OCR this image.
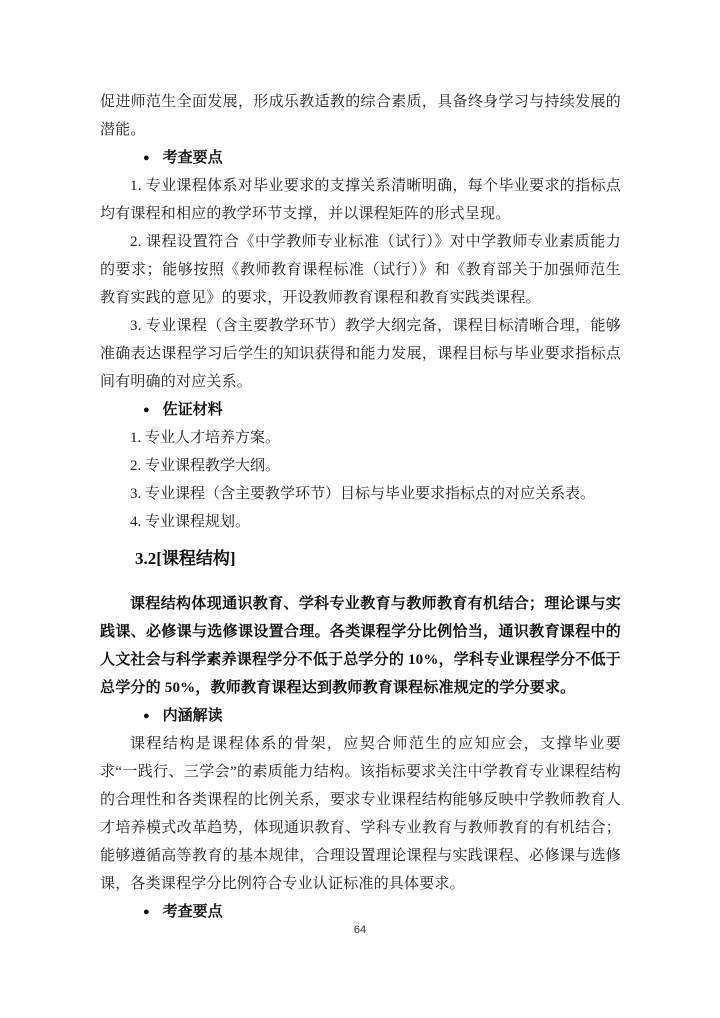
促进师范生全面发展，形成乐教适教的综合素质，具备终身学习与持续发展的潜能。

● 考查要点

1. 专业课程体系对毕业要求的支撑关系清晰明确，每个毕业要求的指标点均有课程和相应的教学环节支撑，并以课程矩阵的形式呈现。

2. 课程设置符合《中学教师专业标准（试行）》对中学教师专业素质能力的要求；能够按照《教师教育课程标准（试行）》和《教育部关于加强师范生教育实践的意见》的要求，开设教师教育课程和教育实践类课程。

3. 专业课程（含主要教学环节）教学大纲完备，课程目标清晰合理，能够准确表达课程学习后学生的知识获得和能力发展，课程目标与毕业要求指标点间有明确的对应关系。

● 佐证材料

1. 专业人才培养方案。

2. 专业课程教学大纲。

3. 专业课程（含主要教学环节）目标与毕业要求指标点的对应关系表。

4. 专业课程规划。

3.2[课程结构]

课程结构体现通识教育、学科专业教育与教师教育有机结合；理论课与实践课、必修课与选修课设置合理。各类课程学分比例恰当，通识教育课程中的人文社会与科学素养课程学分不低于总学分的 10%，学科专业课程学分不低于总学分的 50%，教师教育课程达到教师教育课程标准规定的学分要求。

● 内涵解读

课程结构是课程体系的骨架，应契合师范生的应知应会，支撑毕业要求“一践行、三学会”的素质能力结构。该指标要求关注中学教育专业课程结构的合理性和各类课程的比例关系，要求专业课程结构能够反映中学教师教育人才培养模式改革趋势，体现通识教育、学科专业教育与教师教育的有机结合；能够遵循高等教育的基本规律，合理设置理论课程与实践课程、必修课与选修课，各类课程学分比例符合专业认证标准的具体要求。

● 考查要点
64
